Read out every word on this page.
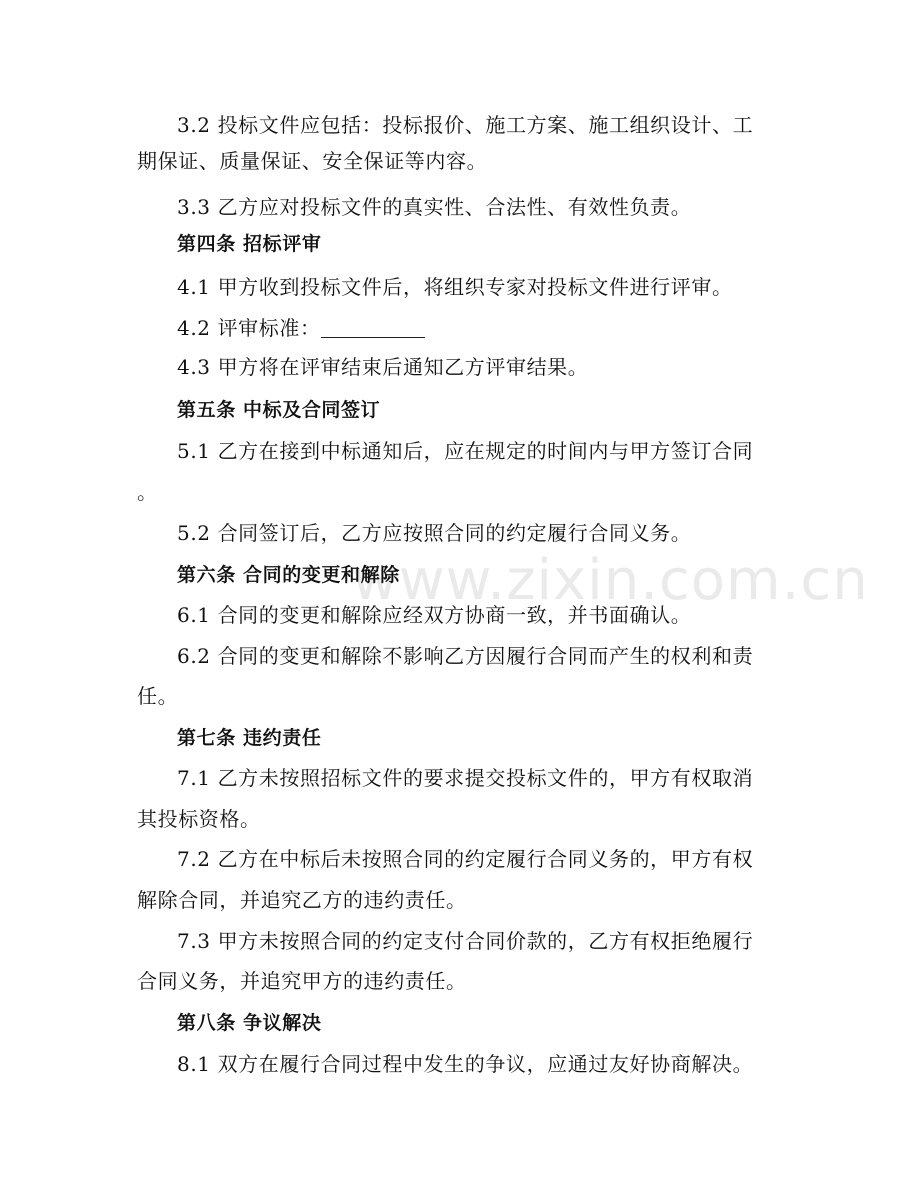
www.zixin.com.cn
3.2 投标文件应包括：投标报价、施工方案、施工组织设计、工
期保证、质量保证、安全保证等内容。
3.3 乙方应对投标文件的真实性、合法性、有效性负责。
第四条 招标评审
4.1 甲方收到投标文件后，将组织专家对投标文件进行评审。
4.2 评审标准：
4.3 甲方将在评审结束后通知乙方评审结果。
第五条 中标及合同签订
5.1 乙方在接到中标通知后，应在规定的时间内与甲方签订合同
。
5.2 合同签订后，乙方应按照合同的约定履行合同义务。
第六条 合同的变更和解除
6.1 合同的变更和解除应经双方协商一致，并书面确认。
6.2 合同的变更和解除不影响乙方因履行合同而产生的权利和责
任。
第七条 违约责任
7.1 乙方未按照招标文件的要求提交投标文件的，甲方有权取消
其投标资格。
7.2 乙方在中标后未按照合同的约定履行合同义务的，甲方有权
解除合同，并追究乙方的违约责任。
7.3 甲方未按照合同的约定支付合同价款的，乙方有权拒绝履行
合同义务，并追究甲方的违约责任。
第八条 争议解决
8.1 双方在履行合同过程中发生的争议，应通过友好协商解决。
